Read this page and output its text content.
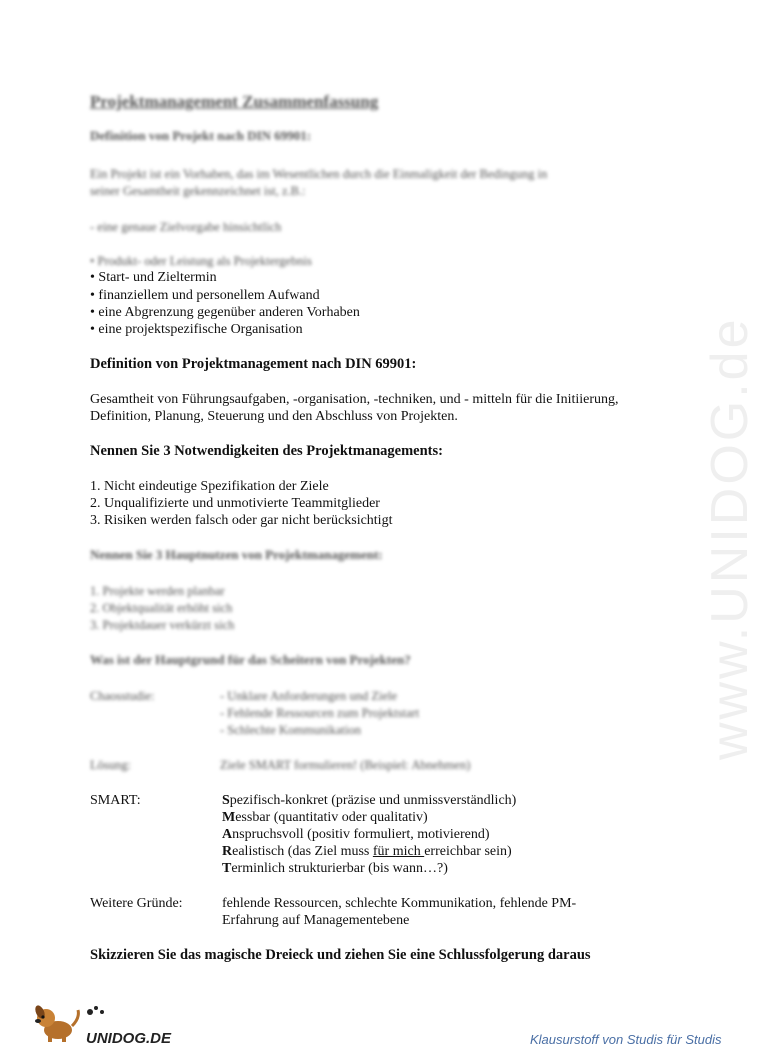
www.UNIDOG.de
Projektmanagement Zusammenfassung
Definition von Projekt nach DIN 69901:
Ein Projekt ist ein Vorhaben, das im Wesentlichen durch die Einmaligkeit der Bedingung in
seiner Gesamtheit gekennzeichnet ist, z.B.:
- eine genaue Zielvorgabe hinsichtlich
• Produkt- oder Leistung als Projektergebnis
• Start- und Zieltermin
• finanziellem und personellem Aufwand
• eine Abgrenzung gegenüber anderen Vorhaben
• eine projektspezifische Organisation
Definition von Projektmanagement nach DIN 69901:
Gesamtheit von Führungsaufgaben, -organisation, -techniken, und - mitteln für die Initiierung,
Definition, Planung, Steuerung und den Abschluss von Projekten.
Nennen Sie 3 Notwendigkeiten des Projektmanagements:
1. Nicht eindeutige Spezifikation der Ziele
2. Unqualifizierte und unmotivierte Teammitglieder
3. Risiken werden falsch oder gar nicht berücksichtigt
Nennen Sie 3 Hauptnutzen von Projektmanagement:
1. Projekte werden planbar
2. Objektqualität erhöht sich
3. Projektdauer verkürzt sich
Was ist der Hauptgrund für das Scheitern von Projekten?
Chaosstudie:	- Unklare Anforderungen und Ziele
- Fehlende Ressourcen zum Projektstart
- Schlechte Kommunikation
Lösung:	Ziele SMART formulieren! (Beispiel: Abnehmen)
SMART:	Spezifisch-konkret (präzise und unmissverständlich)
Messbar (quantitativ oder qualitativ)
Anspruchsvoll (positiv formuliert, motivierend)
Realistisch (das Ziel muss für mich erreichbar sein)
Terminlich strukturierbar (bis wann…?)
Weitere Gründe:	fehlende Ressourcen, schlechte Kommunikation, fehlende PM-
Erfahrung auf Managementebene
Skizzieren Sie das magische Dreieck und ziehen Sie eine Schlussfolgerung daraus
UNIDOG.DE	Klausurstoff von Studis für Studis
